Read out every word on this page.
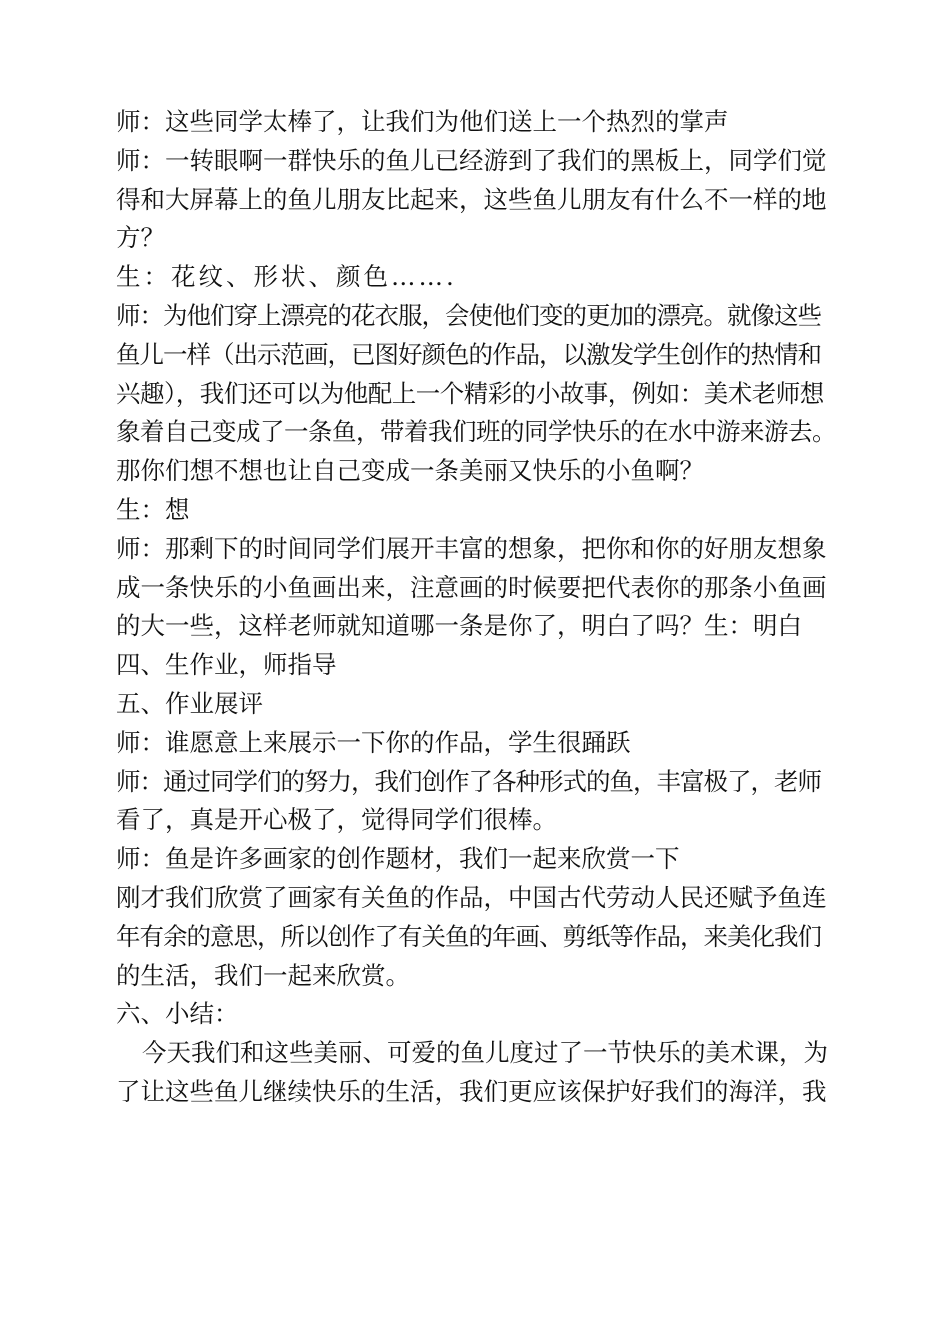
师：这些同学太棒了，让我们为他们送上一个热烈的掌声
师：一转眼啊一群快乐的鱼儿已经游到了我们的黑板上，同学们觉
得和大屏幕上的鱼儿朋友比起来，这些鱼儿朋友有什么不一样的地
方？
生：花纹、形状、颜色…….
师：为他们穿上漂亮的花衣服，会使他们变的更加的漂亮。就像这些
鱼儿一样（出示范画，已图好颜色的作品，以激发学生创作的热情和
兴趣），我们还可以为他配上一个精彩的小故事，例如：美术老师想
象着自己变成了一条鱼，带着我们班的同学快乐的在水中游来游去。
那你们想不想也让自己变成一条美丽又快乐的小鱼啊？
生：想
师：那剩下的时间同学们展开丰富的想象，把你和你的好朋友想象
成一条快乐的小鱼画出来，注意画的时候要把代表你的那条小鱼画
的大一些，这样老师就知道哪一条是你了，明白了吗？生：明白
四、生作业，师指导
五、作业展评
师：谁愿意上来展示一下你的作品，学生很踊跃
师：通过同学们的努力，我们创作了各种形式的鱼，丰富极了，老师
看了，真是开心极了，觉得同学们很棒。
师：鱼是许多画家的创作题材，我们一起来欣赏一下
刚才我们欣赏了画家有关鱼的作品，中国古代劳动人民还赋予鱼连
年有余的意思，所以创作了有关鱼的年画、剪纸等作品，来美化我们
的生活，我们一起来欣赏。
六、小结：
今天我们和这些美丽、可爱的鱼儿度过了一节快乐的美术课，为
了让这些鱼儿继续快乐的生活，我们更应该保护好我们的海洋，我
